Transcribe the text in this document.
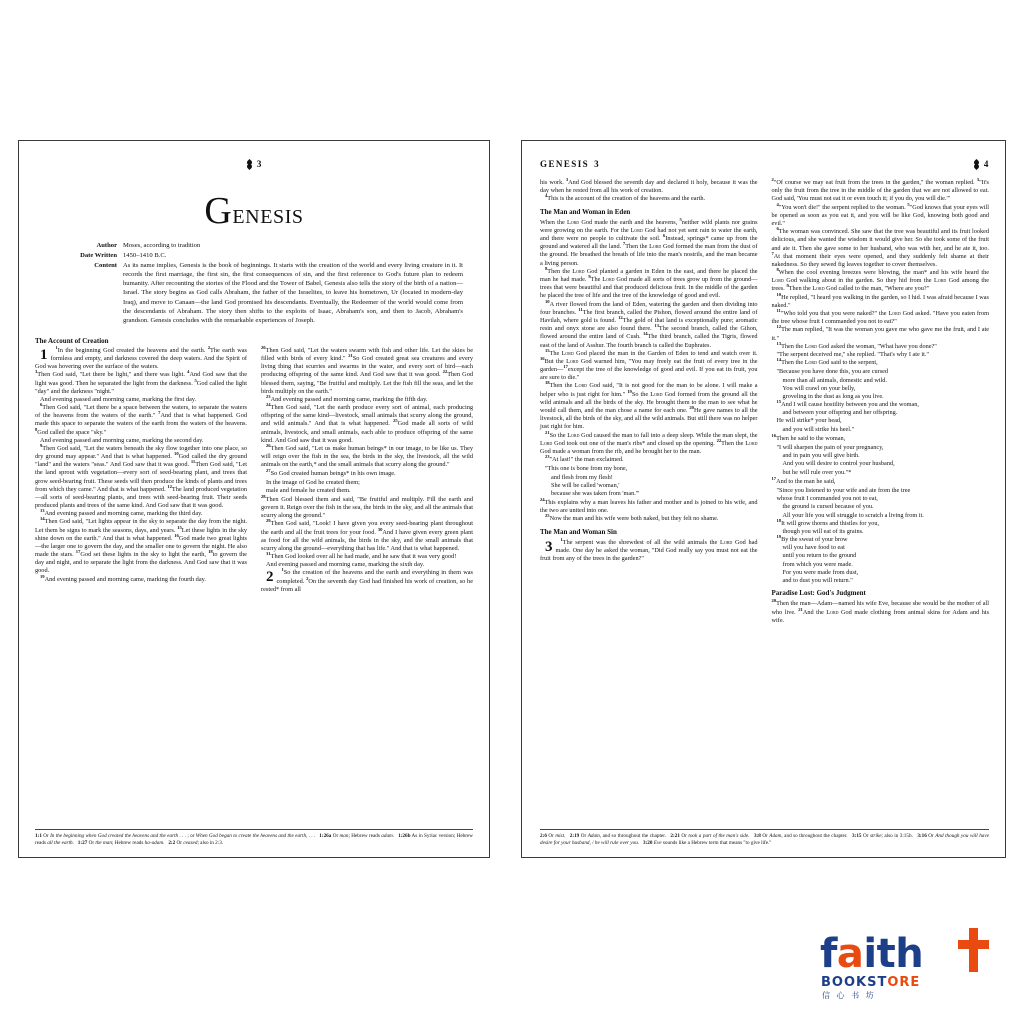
3
Genesis
Author Moses, according to tradition
Date Written 1450–1410 B.C.
Content As its name implies, Genesis is the book of beginnings. It starts with the creation of the world and every living creature in it. It records the first marriage, the first sin, the first consequences of sin, and the first reference to God's future plan to redeem humanity. After recounting the stories of the Flood and the Tower of Babel, Genesis also tells the story of the birth of a nation—Israel. The story begins as God calls Abraham, the father of the Israelites, to leave his hometown, Ur (located in modern-day Iraq), and move to Canaan—the land God promised his descendants. Eventually, the Redeemer of the world would come from the descendants of Abraham. The story then shifts to the exploits of Isaac, Abraham's son, and then to Jacob, Abraham's grandson. Genesis concludes with the remarkable experiences of Joseph.
The Account of Creation

1	$^1$In the beginning God created the heavens and the earth. $^2$The earth was formless and empty, and darkness covered the deep waters. And the Spirit of God was hovering over the surface of the waters.

$^3$Then God said, "Let there be light," and there was light. $^4$And God saw that the light was good. Then he separated the light from the darkness. $^5$God called the light "day" and the darkness "night."

And evening passed and morning came, marking the first day.

$^6$Then God said, "Let there be a space between the waters, to separate the waters of the heavens from the waters of the earth." $^7$And that is what happened. God made this space to separate the waters of the earth from the waters of the heavens. $^8$God called the space "sky."

And evening passed and morning came, marking the second day.

$^9$Then God said, "Let the waters beneath the sky flow together into one place, so dry ground may appear." And that is what happened. $^{10}$God called the dry ground "land" and the waters "seas." And God saw that it was good. $^{11}$Then God said, "Let the land sprout with vegetation—every sort of seed-bearing plant, and trees that grow seed-bearing fruit. These seeds will then produce the kinds of plants and trees from which they came." And that is what happened. $^{12}$The land produced vegetation—all sorts of seed-bearing plants, and trees with seed-bearing fruit. Their seeds produced plants and trees of the same kind. And God saw that it was good.

$^{13}$And evening passed and morning came, marking the third day.

$^{14}$Then God said, "Let lights appear in the sky to separate the day from the night. Let them be signs to mark the seasons, days, and years. $^{15}$Let these lights in the sky shine down on the earth." And that is what happened. $^{16}$God made two great lights—the larger one to govern the day, and the smaller one to govern the night. He also made the stars. $^{17}$God set these lights in the sky to light the earth, $^{18}$to govern the day and night, and to separate the light from the darkness. And God saw that it was good.

$^{19}$And evening passed and morning came, marking the fourth day.

$^{20}$Then God said, "Let the waters swarm with fish and other life. Let the skies be filled with birds of every kind." $^{21}$So God created great sea creatures and every living thing that scurries and swarms in the water, and every sort of bird—each producing offspring of the same kind. And God saw that it was good. $^{22}$Then God blessed them, saying, "Be fruitful and multiply. Let the fish fill the seas, and let the birds multiply on the earth."

$^{23}$And evening passed and morning came, marking the fifth day.

$^{24}$Then God said, "Let the earth produce every sort of animal, each producing offspring of the same kind—livestock, small animals that scurry along the ground, and wild animals." And that is what happened. $^{25}$God made all sorts of wild animals, livestock, and small animals, each able to produce offspring of the same kind. And God saw that it was good.

$^{26}$Then God said, "Let us make human beings* in our image, to be like us. They will reign over the fish in the sea, the birds in the sky, the livestock, all the wild animals on the earth,* and the small animals that scurry along the ground."

$^{27}$So God created human beings* in his own image.
In the image of God he created them;
male and female he created them.

$^{28}$Then God blessed them and said, "Be fruitful and multiply. Fill the earth and govern it. Reign over the fish in the sea, the birds in the sky, and all the animals that scurry along the ground."

$^{29}$Then God said, "Look! I have given you every seed-bearing plant throughout the earth and all the fruit trees for your food. $^{30}$And I have given every green plant as food for all the wild animals, the birds in the sky, and the small animals that scurry along the ground—everything that has life." And that is what happened.

$^{31}$Then God looked over all he had made, and he saw that it was very good!

And evening passed and morning came, marking the sixth day.

2	$^1$So the creation of the heavens and the earth and everything in them was completed. $^2$On the seventh day God had finished his work of creation, so he rested* from all

1:1 Or In the beginning when God created the heavens and the earth . . . ; or When God began to create the heavens and the earth, . . . 1:26a Or man; Hebrew reads adam. 1:26b As in Syriac version; Hebrew reads all the earth. 1:27 Or the man; Hebrew reads ha-adam. 2:2 Or ceased; also in 2:3.
GENESIS 3	4

his work. $^3$And God blessed the seventh day and declared it holy, because it was the day when he rested from all his work of creation.

$^4$This is the account of the creation of the heavens and the earth.

The Man and Woman in Eden

When the Lord God made the earth and the heavens, $^5$neither wild plants nor grains were growing on the earth. For the Lord God had not yet sent rain to water the earth, and there were no people to cultivate the soil. $^6$Instead, springs* came up from the ground and watered all the land. $^7$Then the Lord God formed the man from the dust of the ground. He breathed the breath of life into the man's nostrils, and the man became a living person.

$^8$Then the Lord God planted a garden in Eden in the east, and there he placed the man he had made. $^9$The Lord God made all sorts of trees grow up from the ground—trees that were beautiful and that produced delicious fruit. In the middle of the garden he placed the tree of life and the tree of the knowledge of good and evil.

$^{10}$A river flowed from the land of Eden, watering the garden and then dividing into four branches. $^{11}$The first branch, called the Pishon, flowed around the entire land of Havilah, where gold is found. $^{12}$The gold of that land is exceptionally pure; aromatic resin and onyx stone are also found there. $^{13}$The second branch, called the Gihon, flowed around the entire land of Cush. $^{14}$The third branch, called the Tigris, flowed east of the land of Asshur. The fourth branch is called the Euphrates.

$^{15}$The Lord God placed the man in the Garden of Eden to tend and watch over it. $^{16}$But the Lord God warned him, "You may freely eat the fruit of every tree in the garden—$^{17}$except the tree of the knowledge of good and evil. If you eat its fruit, you are sure to die."

$^{18}$Then the Lord God said, "It is not good for the man to be alone. I will make a helper who is just right for him." $^{19}$So the Lord God formed from the ground all the wild animals and all the birds of the sky. He brought them to the man to see what he would call them, and the man chose a name for each one. $^{20}$He gave names to all the livestock, all the birds of the sky, and all the wild animals. But still there was no helper just right for him.

$^{21}$So the Lord God caused the man to fall into a deep sleep. While the man slept, the Lord God took out one of the man's ribs* and closed up the opening. $^{22}$Then the Lord God made a woman from the rib, and he brought her to the man.

$^{23}$"At last!" the man exclaimed.

"This one is bone from my bone,
and flesh from my flesh!
She will be called 'woman,'
because she was taken from 'man.'"

$^{24}$This explains why a man leaves his father and mother and is joined to his wife, and the two are united into one.

$^{25}$Now the man and his wife were both naked, but they felt no shame.

The Man and Woman Sin

3	$^1$The serpent was the shrewdest of all the wild animals the Lord God had made. One day he asked the woman, "Did God really say you must not eat the fruit from any of the trees in the garden?"

$^2$"Of course we may eat fruit from the trees in the garden," the woman replied. $^3$"It's only the fruit from the tree in the middle of the garden that we are not allowed to eat. God said, 'You must not eat it or even touch it; if you do, you will die.'"

$^4$"You won't die!" the serpent replied to the woman. $^5$"God knows that your eyes will be opened as soon as you eat it, and you will be like God, knowing both good and evil."

$^6$The woman was convinced. She saw that the tree was beautiful and its fruit looked delicious, and she wanted the wisdom it would give her. So she took some of the fruit and ate it. Then she gave some to her husband, who was with her, and he ate it, too. $^7$At that moment their eyes were opened, and they suddenly felt shame at their nakedness. So they sewed fig leaves together to cover themselves.

$^8$When the cool evening breezes were blowing, the man* and his wife heard the Lord God walking about in the garden. So they hid from the Lord God among the trees. $^9$Then the Lord God called to the man, "Where are you?"

$^{10}$He replied, "I heard you walking in the garden, so I hid. I was afraid because I was naked."

$^{11}$"Who told you that you were naked?" the Lord God asked. "Have you eaten from the tree whose fruit I commanded you not to eat?"

$^{12}$The man replied, "It was the woman you gave me who gave me the fruit, and I ate it."

$^{13}$Then the Lord God asked the woman, "What have you done?"

"The serpent deceived me," she replied. "That's why I ate it."

$^{14}$Then the Lord God said to the serpent,

"Because you have done this, you are cursed
more than all animals, domestic and wild.
You will crawl on your belly,
groveling in the dust as long as you live.
$^{15}$And I will cause hostility between you and the woman,
and between your offspring and her offspring.
He will strike* your head,
and you will strike his heel."

$^{16}$Then he said to the woman,

"I will sharpen the pain of your pregnancy,
and in pain you will give birth.
And you will desire to control your husband,
but he will rule over you."*

$^{17}$And to the man he said,

"Since you listened to your wife and ate from the tree
whose fruit I commanded you not to eat,
the ground is cursed because of you.
All your life you will struggle to scratch a living from it.
$^{18}$It will grow thorns and thistles for you,
though you will eat of its grains.
$^{19}$By the sweat of your brow
will you have food to eat
until you return to the ground
from which you were made.
For you were made from dust,
and to dust you will return."
Paradise Lost: God's Judgment

$^{20}$Then the man—Adam—named his wife Eve, because she would be the mother of all who live. $^{21}$And the Lord God made clothing from animal skins for Adam and his wife.

2:6 Or mist. 2:19 Or Adam, and so throughout the chapter.   2:21 Or took a part of the man's side. 3:8 Or Adam, and so throughout the chapter.   3:15 Or strike; also in 3:15b.   3:16 Or And though you will have desire for your husband, / he will rule over you. 3:20 Eve sounds like a Hebrew term that means "to give life."
faith
BOOKSTORE
信 心 书 坊
